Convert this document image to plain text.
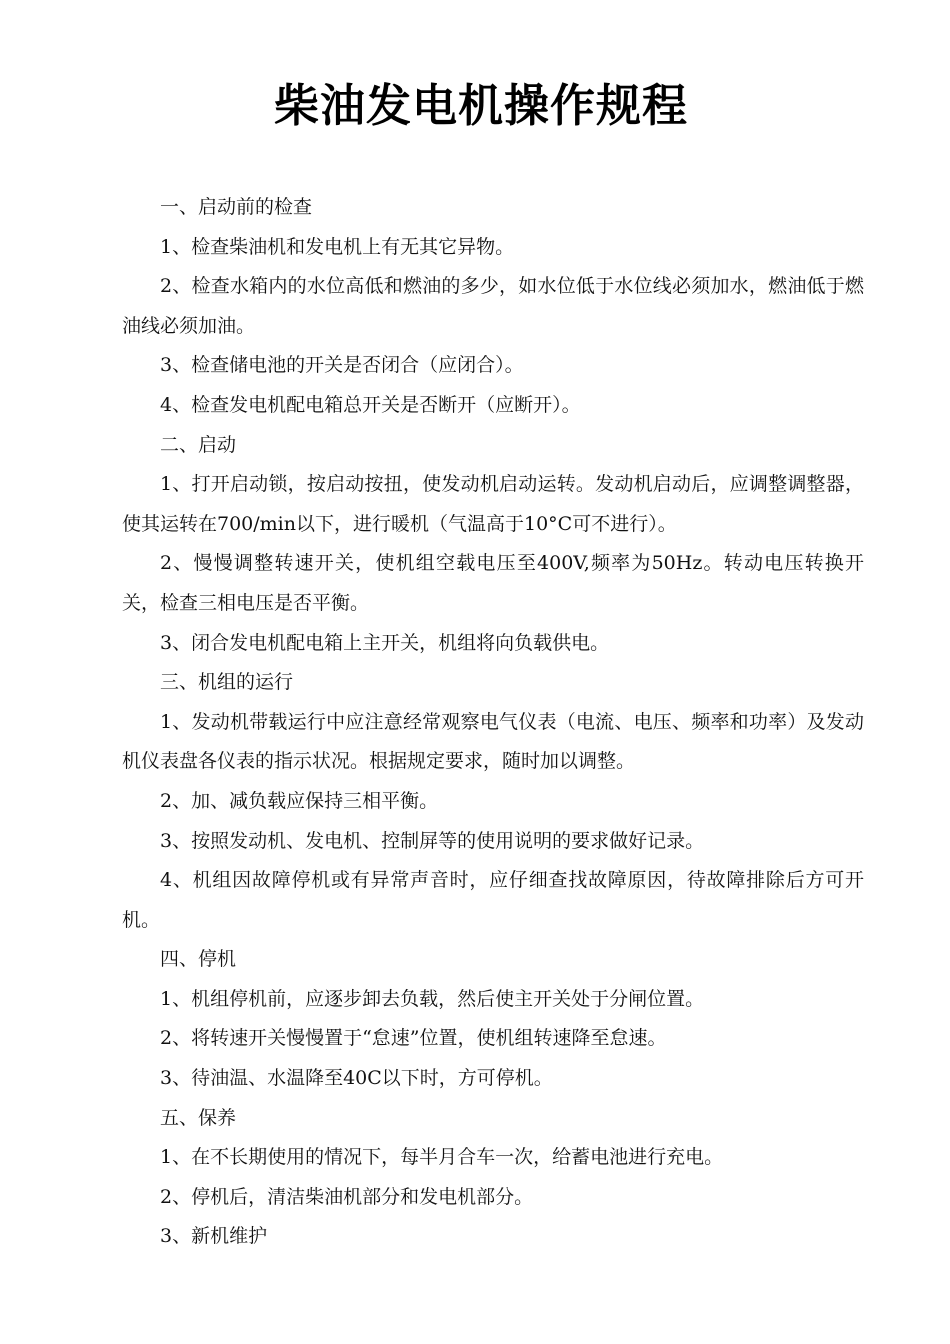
柴油发电机操作规程

一、启动前的检查

1、检查柴油机和发电机上有无其它异物。

2、检查水箱内的水位高低和燃油的多少，如水位低于水位线必须加水，燃油低于燃油线必须加油。

3、检查储电池的开关是否闭合（应闭合）。

4、检查发电机配电箱总开关是否断开（应断开）。

二、启动

1、打开启动锁，按启动按扭，使发动机启动运转。发动机启动后，应调整调整器，使其运转在700/min以下，进行暖机（气温高于10°C可不进行）。

2、慢慢调整转速开关，使机组空载电压至400V,频率为50Hz。转动电压转换开关，检查三相电压是否平衡。

3、闭合发电机配电箱上主开关，机组将向负载供电。

三、机组的运行

1、发动机带载运行中应注意经常观察电气仪表（电流、电压、频率和功率）及发动机仪表盘各仪表的指示状况。根据规定要求，随时加以调整。

2、加、减负载应保持三相平衡。

3、按照发动机、发电机、控制屏等的使用说明的要求做好记录。

4、机组因故障停机或有异常声音时，应仔细查找故障原因，待故障排除后方可开机。

四、停机

1、机组停机前，应逐步卸去负载，然后使主开关处于分闸位置。

2、将转速开关慢慢置于“怠速”位置，使机组转速降至怠速。

3、待油温、水温降至40C以下时，方可停机。

五、保养

1、在不长期使用的情况下，每半月合车一次，给蓄电池进行充电。

2、停机后，清洁柴油机部分和发电机部分。

3、新机维护
